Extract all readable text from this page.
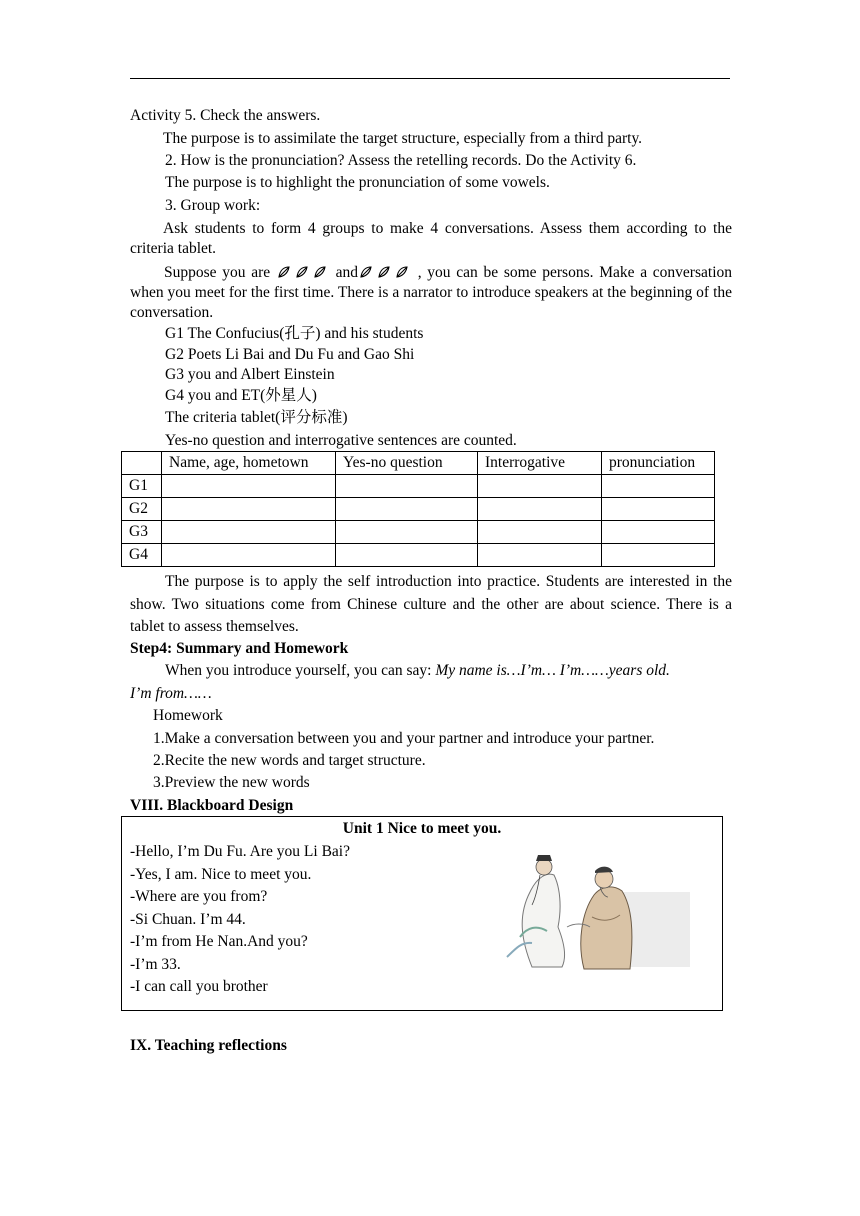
Activity 5. Check the answers.
The purpose is to assimilate the target structure, especially from a third party.
2. How is the pronunciation? Assess the retelling records. Do the Activity 6.
The purpose is to highlight the pronunciation of some vowels.
3. Group work:
Ask students to form 4 groups to make 4 conversations. Assess them according to the criteria tablet.
Suppose you are	and	, you can be some persons. Make a conversation when you meet for the first time. There is a narrator to introduce speakers at the beginning of the conversation.
G1 The Confucius(孔子) and his students
G2 Poets Li Bai and Du Fu and Gao Shi
G3 you and Albert Einstein
G4 you and ET(外星人)
The criteria tablet(评分标准)
Yes-no question and interrogative sentences are counted.
	Name, age, hometown	Yes-no question	Interrogative	pronunciation
G1				
G2				
G3				
G4				
The purpose is to apply the self introduction into practice. Students are interested in the show. Two situations come from Chinese culture and the other are about science. There is a tablet to assess themselves.
Step4: Summary and Homework
When you introduce yourself, you can say: My name is…I’m… I’m……years old.
I’m from……
Homework
1.Make a conversation between you and your partner and introduce your partner.
2.Recite the new words and target structure.
3.Preview the new words
VIII. Blackboard Design
Unit 1 Nice to meet you.
-Hello, I’m Du Fu. Are you Li Bai?
-Yes, I am. Nice to meet you.
-Where are you from?
-Si Chuan. I’m 44.
-I’m from He Nan.And you?
-I’m 33.
-I can call you brother
IX. Teaching reflections
